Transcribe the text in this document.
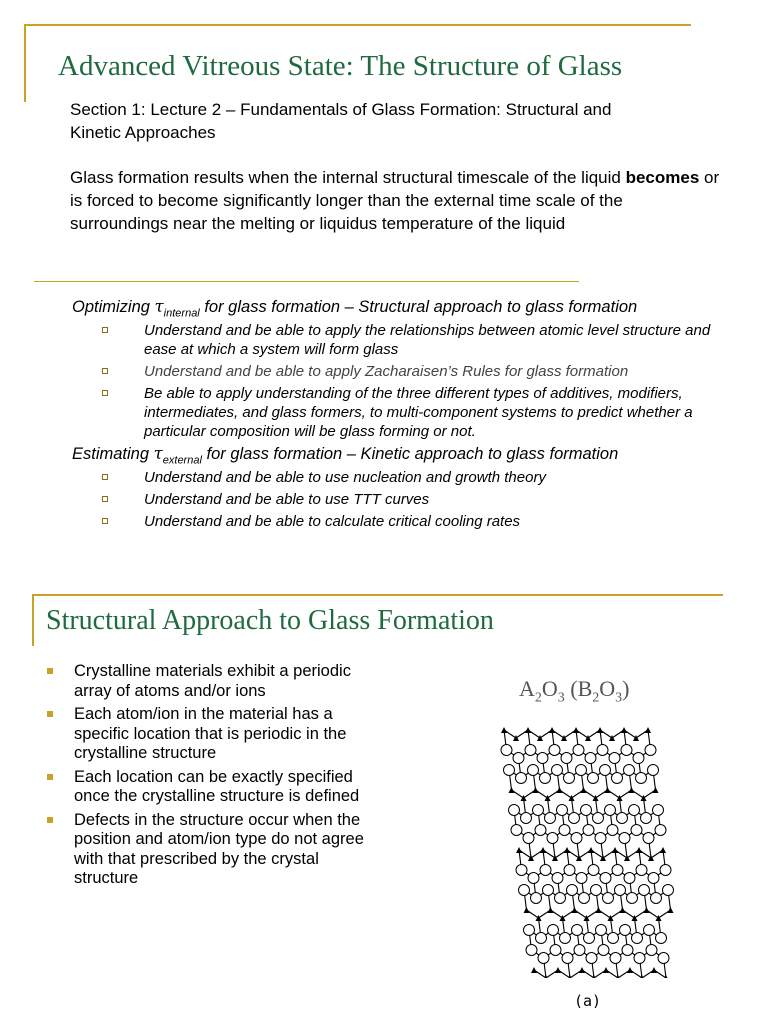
Advanced Vitreous State: The Structure of Glass

Section 1: Lecture 2 – Fundamentals of Glass Formation: Structural and
Kinetic Approaches

Glass formation results when the internal structural timescale of the liquid becomes or is forced to become significantly longer than the external time scale of the surroundings near the melting or liquidus temperature of the liquid

Optimizing $\tau_{internal}$ for glass formation – Structural approach to glass formation

Understand and be able to apply the relationships between atomic level structure and ease at which a system will form glass
Understand and be able to apply Zacharaisen’s Rules for glass formation
Be able to apply understanding of the three different types of additives, modifiers, intermediates, and glass formers, to multi-component systems to predict whether a particular composition will be glass forming or not.

Estimating $\tau_{external}$ for glass formation – Kinetic approach to glass formation

Understand and be able to use nucleation and growth theory
Understand and be able to use TTT curves
Understand and be able to calculate critical cooling rates
Structural Approach to Glass Formation
Crystalline materials exhibit a periodic array of atoms and/or ions
Each atom/ion in the material has a specific location that is periodic in the crystalline structure
Each location can be exactly specified once the crystalline structure is defined
Defects in the structure occur when the position and atom/ion type do not agree with that prescribed by the crystal structure
$A_2O_3$ $(B_2O_3)$
(a)
